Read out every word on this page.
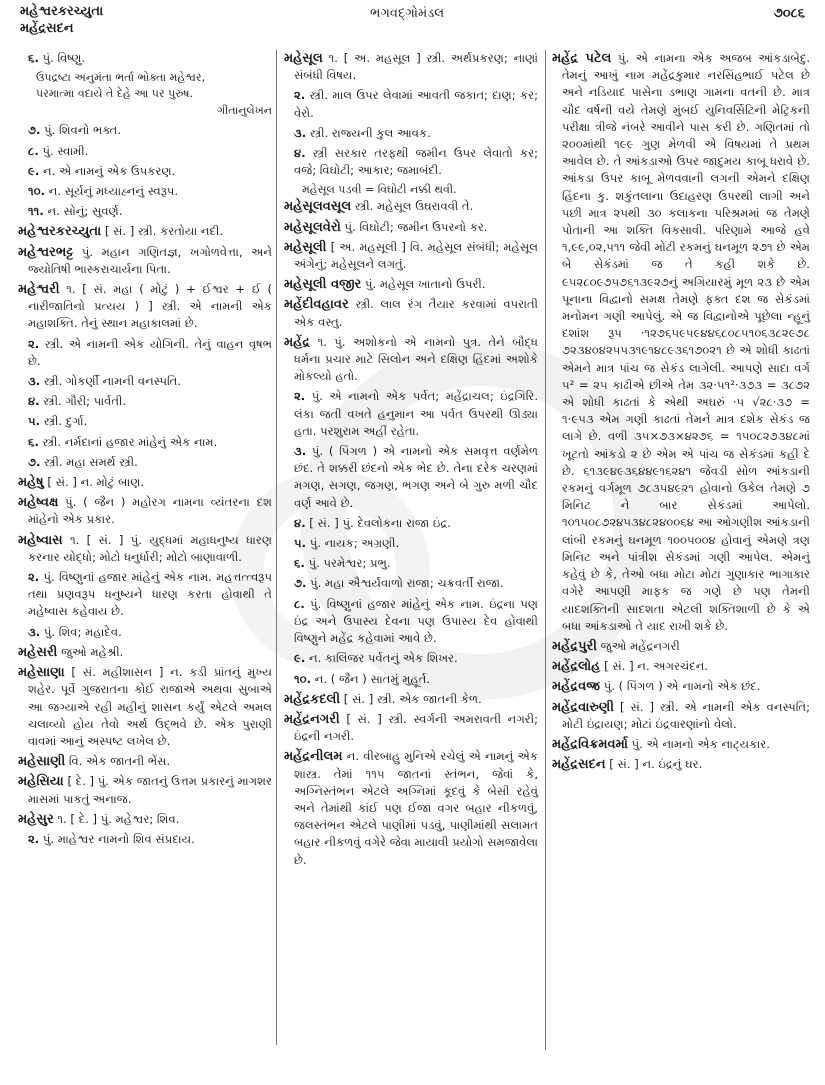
મહેશ્વરકરચ્યુતા
મહેંદ્રસદન
ભગવદ્ગોમંડલ	૭૦૮૬

૬. પું. વિષ્ણુ.

ઉપદ્રષ્ટા અનુમંતા ભર્તા ભોક્તા મહેશ્વર,

પરમાત્મા વદાયે તે દેહે આ પર પુરુષ.

ગીતાનુલેખન

૭. પું. શિવનો ભક્ત.

૮. પું. સ્વામી.

૯. ન. એ નામનું એક ઉપકરણ.

૧૦. ન. સૂર્યનું મધ્યાહ્નનું સ્વરૂપ.

૧૧. ન. સોનું; સુવર્ણ.

મહેશ્વરકરચ્યુતા [ સં. ] સ્ત્રી. કરતોયા નદી.

મહેશ્વરભટ્ટ પું. મહાન ગણિતજ્ઞ, ખગોળવેત્તા, અને જ્યોતિષી ભાસ્કરાચાર્યના પિતા.

મહેશ્વરી ૧. [ સં. મહા ( મોટું ) + ઈશ્વર + ઈ ( નારીજાતિનો પ્રત્યય ) ] સ્ત્રી. એ નામની એક મહાશક્તિ. તેનું સ્થાન મહાકાલમાં છે.

૨. સ્ત્રી. એ નામની એક યોગિની. તેનું વાહન વૃષભ છે.

૩. સ્ત્રી. ગોકર્ણી નામની વનસ્પતિ.

૪. સ્ત્રી. ગૌરી; પાર્વતી.

૫. સ્ત્રી. દુર્ગા.

૬. સ્ત્રી. નર્મદાનાં હજાર માંહેનું એક નામ.

૭. સ્ત્રી. મહા સમર્થ સ્ત્રી.

મહેષુ [ સં. ] ન. મોટું બાણ.

મહેષ્વક્ષ પું. ( જૈન ) મહોરગ નામના વ્યંતરના દશ માંહેનો એક પ્રકાર.

મહેષ્વાસ ૧. [ સં. ] પું. યુદ્ધમાં મહાધનુષ્ય ધારણ કરનાર યોદ્ધો; મોટો ધનુર્ધારી; મોટો બાણાવાળી.

૨. પું. વિષ્ણુનાં હજાર માંહેનું એક નામ. મહત્તત્ત્વરૂપ તથા પ્રણવરૂપ ધનુષ્યને ધારણ કરતા હોવાથી તે મહેષ્વાસ કહેવાય છે.

૩. પું. શિવ; મહાદેવ.

મહેસરી જુઓ મહેશ્રી.

મહેસાણા [ સં. મહીશાસન ] ન. કડી પ્રાંતનું મુખ્ય શહેર. પૂર્વે ગુજરાતના કોઈ રાજાએ અથવા સુબાએ આ જગ્યાએ રહી મહીનું શાસન કર્યું એટલે અમલ ચલાવ્યો હોય તેવો અર્થ ઉદ્ભવે છે. એક પુરાણી વાવમાં આનું અસ્પષ્ટ લખેલ છે.

મહેસાણી વિ. એક જાતની ભેંસ.

મહેસિયા [ દે. ] પું. એક જાતનું ઉત્તમ પ્રકારનું માગશર માસમાં પાકતું અનાજ.

મહેસુર ૧. [ દે. ] પું. મહેશ્વર; શિવ.

૨. પું. માહેશ્વર નામનો શિવ સંપ્રદાય.

મહેસૂલ ૧. [ અ. મહસૂલ ] સ્ત્રી. અર્થપ્રકરણ; નાણાં સંબંધી વિષય.

૨. સ્ત્રી. માલ ઉપર લેવામાં આવતી જકાત; દાણ; કર; વેરો.

૩. સ્ત્રી. રાજ્યની કુલ આવક.

૪. સ્ત્રી સરકાર તરફથી જમીન ઉપર લેવાતો કર; વજે; વિઘોટી; આકાર; જમાબંદી.

મહેસૂલ પડવી = વિઘોટી નક્કી થવી.

મહેસૂલવસૂલ સ્ત્રી. મહેસૂલ ઉઘરાવવી તે.

મહેસૂલવેરો પું. વિઘોટી; જમીન ઉપરનો કર.

મહેસૂલી [ અ. મહસૂલી ] વિ. મહેસૂલ સંબંધી; મહેસૂલ અંગેનું; મહેસૂલને લગતું.

મહેસૂલી વજીર પું. મહેસૂલ ખાતાનો ઉપરી.

મહેંદીવહાવર સ્ત્રી. લાલ રંગ તૈયાર કરવામાં વપરાતી એક વસ્તુ.

મહેંદ્ર ૧. પું. અશોકનો એ નામનો પુત્ર. તેને બૌદ્ધ ધર્મના પ્રચાર માટે સિલોન અને દક્ષિણ હિંદમાં અશોકે મોકલ્યો હતો.

૨. પું. એ નામનો એક પર્વત; મહેંદ્રાચલ; ઇંદ્રગિરિ. લંકા જતી વખતે હનુમાન આ પર્વત ઉપરથી ઊડ્યા હતા. પરશુરામ અહીં રહેતા.

૩. પું. ( પિંગળ ) એ નામનો એક સમવૃત્ત વર્ણમેળ છંદ. તે શક્કરી છંદનો એક ભેદ છે. તેના દરેક ચરણમાં મગણ, સગણ, જગણ, ભગણ અને બે ગુરુ મળી ચૌદ વર્ણ આવે છે.

૪. [ સં. ] પું. દેવલોકના રાજા ઇંદ્ર.

૫. પું. નાયક; અગ્રણી.

૬. પું. પરમેશ્વર; પ્રભુ.

૭. પું. મહા ઐશ્વર્યવાળો રાજા; ચક્રવર્તી રાજા.

૮. પું. વિષ્ણુનાં હજાર માંહેનું એક નામ. ઇંદ્રના પણ ઇંદ્ર અને ઉપાસ્ય દેવના પણ ઉપાસ્ય દેવ હોવાથી વિષ્ણુને મહેંદ્ર કહેવામાં આવે છે.

૯. ન. કાલિંજર પર્વતનું એક શિખર.

૧૦. ન. ( જૈન ) સાતમું મુહૂર્ત.

મહેંદ્રકદલી [ સં. ] સ્ત્રી. એક જાતની કેળ.

મહેંદ્રનગરી [ સં. ] સ્ત્રી. સ્વર્ગની અમરાવતી નગરી; ઇંદ્રની નગરી.

મહેંદ્રનીલમ ન. વીરબાહુ મુનિએ રચેલું એ નામનું એક શાસ્ત્ર. તેમાં ૧૧૫ જાતનાં સ્તંભન, જેવાં કે, અગ્નિસ્તંભન એટલે અગ્નિમાં કૂદવું કે બેસી રહેવું અને તેમાંથી કાંઈ પણ ઈજા વગર બહાર નીકળવું, જલસ્તંભન એટલે પાણીમાં પડવું, પાણીમાંથી સલામત બહાર નીકળવું વગેરે જેવા માયાવી પ્રયોગો સમજાવેલા છે.

મહેંદ્ર પટેલ પું. એ નામના એક અજબ આંકડાબેદુ. તેમનું આખું નામ મહેંદ્રકુમાર નરસિંહભાઈ પટેલ છે અને નડિયાદ પાસેના ડભાણ ગામના વતની છે. માત્ર ચૌદ વર્ષની વયે તેમણે મુંબઈ યુનિવર્સિટિની મેટ્રિકની પરીક્ષા ત્રીજે નંબરે આવીને પાસ કરી છે. ગણિતમાં તો ૨૦૦માંથી ૧૯૯ ગુણ મેળવી એ વિષયમાં તે પ્રથમ આવેલ છે. તે આંકડાઓ ઉપર જાદુમય કાબૂ ધરાવે છે. આંકડા ઉપર કાબૂ મેળવવાની લગની એમને દક્ષિણ હિંદના કુ. શકુંતલાના ઉદાહરણ ઉપરથી લાગી અને પછી માત્ર ૨૫થી ૩૦ કલાકના પરિશ્રમમાં જ તેમણે પોતાની આ શક્તિ વિકસાવી. પરિણામે આજે હવે ૧,૯૯,૦૨,૫૧૧ જેવી મોટી રકમનું ઘનમૂળ ૨૭૧ છે એમ બે સેકંડમાં જ તે કહી શકે છે. ૯૫૨૮૦૯૭૫૭૬૧૩૯૨૭નું અગિયારમું મૂળ ૨૩ છે એમ પૂનાના વિદ્વાનો સમક્ષ તેમણે ફક્ત દશ જ સેકંડમાં મનોમન ગણી આપેલું. એ જ વિદ્વાનોએ પૂછેલા ન્હૂનું દશાંશ રૂપ ·૧૨૭૬૫૯૫૯૪૪૬૮૦૮૫૧૦૬૩૮૨૯૭૮ ૭૨૩૪૦૪૨૫૫૩૧૯૧૪૮૯૩૬૧૭૦૨૧ છે એ શોધી કાઢતાં એમને માત્ર પાંચ જ સેકંડ લાગેલી. આપણે સાદા વર્ગ ૫² = ૨૫ કાઢીએ છીએ તેમ ૩૨·૫૧²·૩૭૩ = ૩૮૭૨ એ શોધી કાઢતાં કે એથી અઘરું ·૫ √૨૮·૩૭ = ૧·૯૫૩ એમ ગણી કાઢતાં તેમને માત્ર દશેક સેકંડ જ લાગે છે. વળી ૩૫×૭૩×૪૨૭૬ = ૧૫૦૮૨૭૩૪૮માં ખૂટતો આંકડો ૨ છે એમ એ પાંચ જ સેકંડમાં કહી દે છે. ૬૧૩૯૪૯૩૬૪૪૯૧૬૨૪૧ જેવડી સોળ આંકડાની રકમનું વર્ગમૂળ ૭૮૩૫૪૯૨૧ હોવાનો ઉકેલ તેમણે ૭ મિનિટ ને બાર સેકંડમાં આપેલો. ૧૦૧૫૦૮૭૨૪૫૩૪૮૨૪૦૦૬૪ આ ઓગણીશ આંકડાની લાંબી રકમનું ઘનમૂળ ૧૦૦૫૦૦૪ હોવાનું એમણે ત્રણ મિનિટ અને પાંત્રીશ સેકંડમાં ગણી આપેલ. એમનું કહેવું છે કે, તેઓ બધા મોટા મોટા ગુણાકાર ભાગાકાર વગેરે આપણી માફક જ ગણે છે પણ તેમની યાદશક્તિની સાદશતા એટલી શક્તિશાળી છે કે એ બધા આંકડાઓ તે યાદ રાખી શકે છે.

મહેંદ્રપુરી જુઓ મહેંદ્રનગરી

મહેંદ્રલોહ [ સં. ] ન. અગરચંદન.

મહેંદ્રવજ્ર પું. ( પિંગળ ) એ નામનો એક છંદ.

મહેંદ્રવારુણી [ સં. ] સ્ત્રી. એ નામની એક વનસ્પતિ; મોટી ઇંદ્રાયણ; મોટાં ઇંદ્રવારણાંનો વેલો.

મહેંદ્રવિક્રમવર્મા પું. એ નામનો એક નાટ્યકાર.

મહેંદ્રસદન [ સં. ] ન. ઇંદ્રનું ઘર.
